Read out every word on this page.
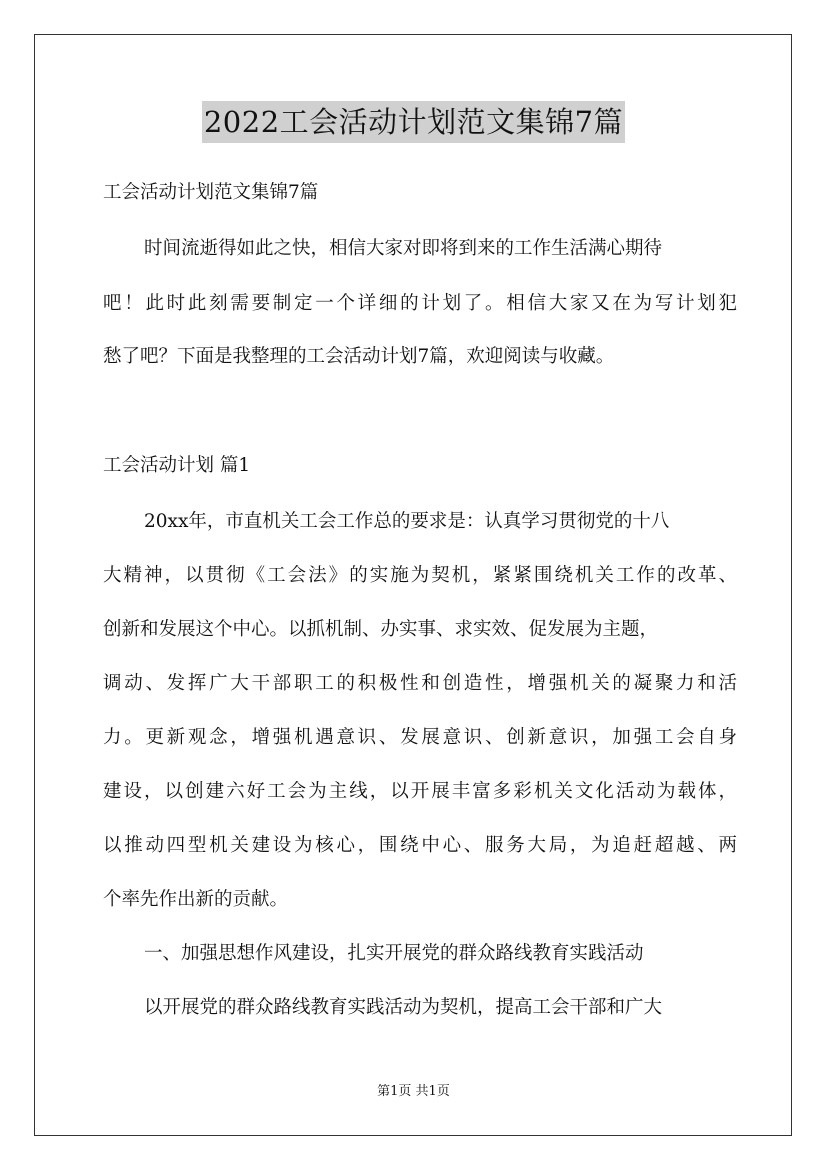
2022工会活动计划范文集锦7篇
工会活动计划范文集锦7篇
时间流逝得如此之快，相信大家对即将到来的工作生活满心期待
吧！此时此刻需要制定一个详细的计划了。相信大家又在为写计划犯
愁了吧？下面是我整理的工会活动计划7篇，欢迎阅读与收藏。
工会活动计划 篇1
20xx年，市直机关工会工作总的要求是：认真学习贯彻党的十八
大精神，以贯彻《工会法》的实施为契机，紧紧围绕机关工作的改革、
创新和发展这个中心。以抓机制、办实事、求实效、促发展为主题，
调动、发挥广大干部职工的积极性和创造性，增强机关的凝聚力和活
力。更新观念，增强机遇意识、发展意识、创新意识，加强工会自身
建设，以创建六好工会为主线，以开展丰富多彩机关文化活动为载体，
以推动四型机关建设为核心，围绕中心、服务大局，为追赶超越、两
个率先作出新的贡献。
一、加强思想作风建设，扎实开展党的群众路线教育实践活动
以开展党的群众路线教育实践活动为契机，提高工会干部和广大
第1页 共1页
